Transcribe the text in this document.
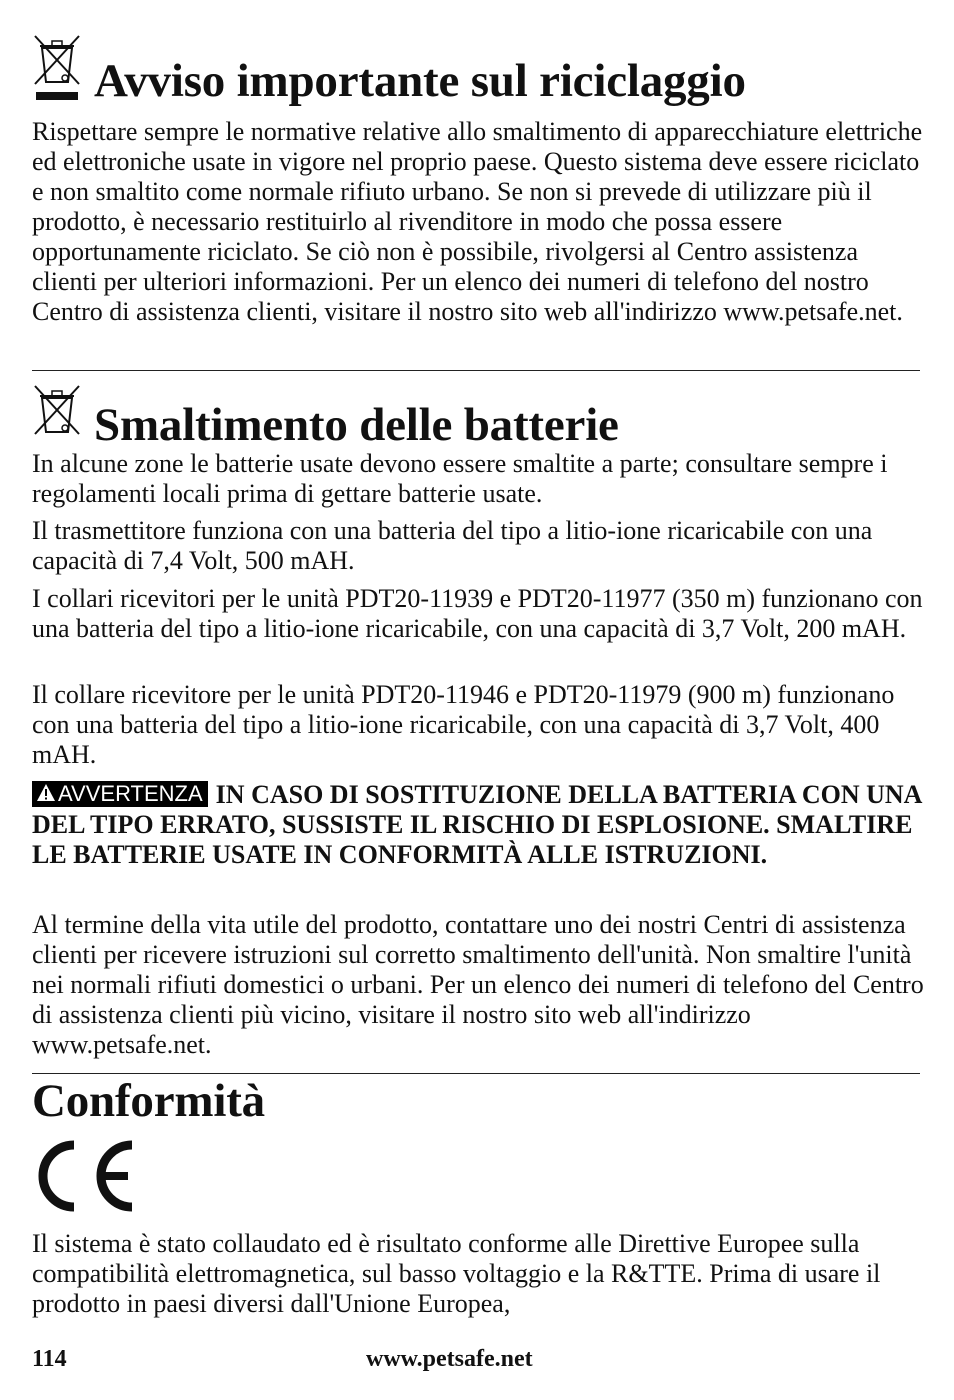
Avviso importante sul riciclaggio

Rispettare sempre le normative relative allo smaltimento di apparecchiature elettriche ed elettroniche usate in vigore nel proprio paese. Questo sistema deve essere riciclato e non smaltito come normale rifiuto urbano. Se non si prevede di utilizzare più il prodotto, è necessario restituirlo al rivenditore in modo che possa essere opportunamente riciclato. Se ciò non è possibile, rivolgersi al Centro assistenza clienti per ulteriori informazioni. Per un elenco dei numeri di telefono del nostro Centro di assistenza clienti, visitare il nostro sito web all'indirizzo www.petsafe.net.

Smaltimento delle batterie

In alcune zone le batterie usate devono essere smaltite a parte; consultare sempre i regolamenti locali prima di gettare batterie usate.

Il trasmettitore funziona con una batteria del tipo a litio-ione ricaricabile con una capacità di 7,4 Volt, 500 mAH.

I collari ricevitori per le unità PDT20-11939 e PDT20-11977 (350 m) funzionano con una batteria del tipo a litio-ione ricaricabile, con una capacità di 3,7 Volt, 200 mAH.

Il collare ricevitore per le unità PDT20-11946 e PDT20-11979 (900 m) funzionano con una batteria del tipo a litio-ione ricaricabile, con una capacità di 3,7 Volt, 400 mAH.

AVVERTENZA IN CASO DI SOSTITUZIONE DELLA BATTERIA CON UNA DEL TIPO ERRATO, SUSSISTE IL RISCHIO DI ESPLOSIONE. SMALTIRE LE BATTERIE USATE IN CONFORMITÀ ALLE ISTRUZIONI.

Al termine della vita utile del prodotto, contattare uno dei nostri Centri di assistenza clienti per ricevere istruzioni sul corretto smaltimento dell'unità. Non smaltire l'unità nei normali rifiuti domestici o urbani. Per un elenco dei numeri di telefono del Centro di assistenza clienti più vicino, visitare il nostro sito web all'indirizzo www.petsafe.net.

Conformità

Il sistema è stato collaudato ed è risultato conforme alle Direttive Europee sulla compatibilità elettromagnetica, sul basso voltaggio e la R&TTE. Prima di usare il prodotto in paesi diversi dall'Unione Europea,

114	www.petsafe.net
